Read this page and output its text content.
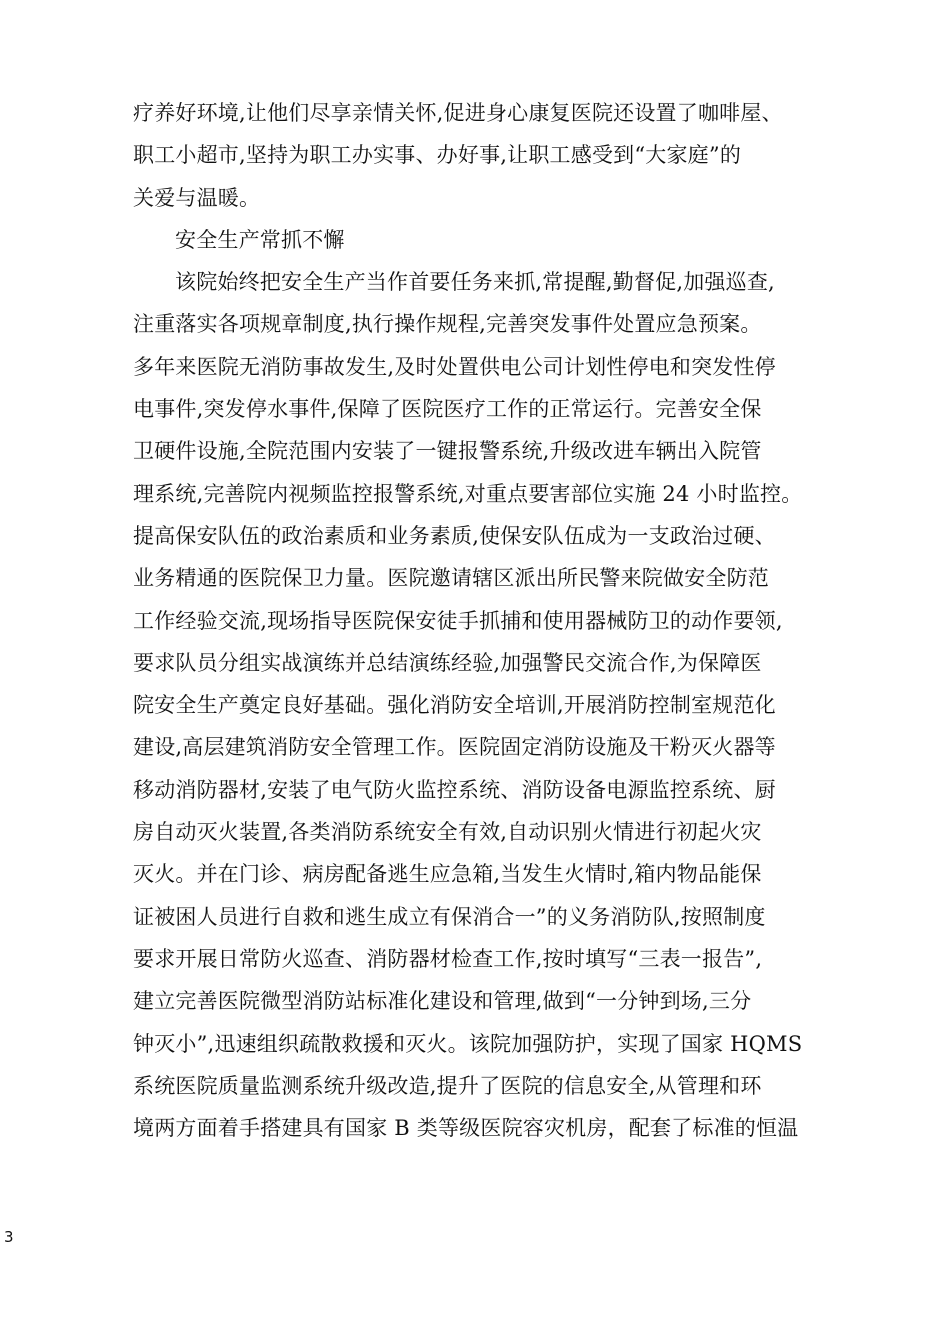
疗养好环境,让他们尽享亲情关怀,促进身心康复医院还设置了咖啡屋、
职工小超市,坚持为职工办实事、办好事,让职工感受到“大家庭”的
关爱与温暖。
安全生产常抓不懈
该院始终把安全生产当作首要任务来抓,常提醒,勤督促,加强巡查,
注重落实各项规章制度,执行操作规程,完善突发事件处置应急预案。
多年来医院无消防事故发生,及时处置供电公司计划性停电和突发性停
电事件,突发停水事件,保障了医院医疗工作的正常运行。完善安全保
卫硬件设施,全院范围内安装了一键报警系统,升级改进车辆出入院管
理系统,完善院内视频监控报警系统,对重点要害部位实施 24 小时监控。
提高保安队伍的政治素质和业务素质,使保安队伍成为一支政治过硬、
业务精通的医院保卫力量。医院邀请辖区派出所民警来院做安全防范
工作经验交流,现场指导医院保安徒手抓捕和使用器械防卫的动作要领,
要求队员分组实战演练并总结演练经验,加强警民交流合作,为保障医
院安全生产奠定良好基础。强化消防安全培训,开展消防控制室规范化
建设,高层建筑消防安全管理工作。医院固定消防设施及干粉灭火器等
移动消防器材,安装了电气防火监控系统、消防设备电源监控系统、厨
房自动灭火装置,各类消防系统安全有效,自动识别火情进行初起火灾
灭火。并在门诊、病房配备逃生应急箱,当发生火情时,箱内物品能保
证被困人员进行自救和逃生成立有保消合一”的义务消防队,按照制度
要求开展日常防火巡查、消防器材检查工作,按时填写“三表一报告”,
建立完善医院微型消防站标准化建设和管理,做到“一分钟到场,三分
钟灭小”,迅速组织疏散救援和灭火。该院加强防护，实现了国家 HQMS
系统医院质量监测系统升级改造,提升了医院的信息安全,从管理和环
境两方面着手搭建具有国家 B 类等级医院容灾机房，配套了标准的恒温
3
